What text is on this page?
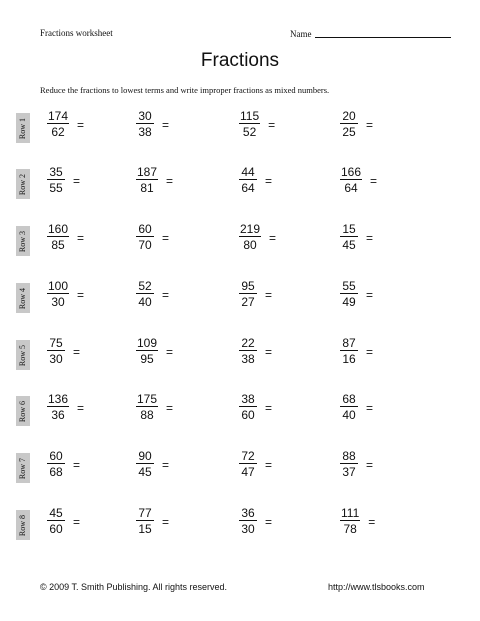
Fractions worksheet	Name
Fractions
Reduce the fractions to lowest terms and write improper fractions as mixed numbers.
Row $1 \frac{174}{62}$ =	$\frac{30}{38}$ =	$\frac{115}{52}$ =	$\frac{20}{25}$ =
Row $2 \frac{35}{55}$ =	$\frac{187}{81}$ =	$\frac{44}{64}$ =	$\frac{166}{64}$ =
Row $3 \frac{160}{85}$ =	$\frac{60}{70}$ =	$\frac{219}{80}$ =	$\frac{15}{45}$ =
Row $4 \frac{100}{30}$ =	$\frac{52}{40}$ =	$\frac{95}{27}$ =	$\frac{55}{49}$ =
Row $5 \frac{75}{30}$ =	$\frac{109}{95}$ =	$\frac{22}{38}$ =	$\frac{87}{16}$ =
Row $6 \frac{136}{36}$ =	$\frac{175}{88}$ =	$\frac{38}{60}$ =	$\frac{68}{40}$ =
Row $7 \frac{60}{68}$ =	$\frac{90}{45}$ =	$\frac{72}{47}$ =	$\frac{88}{37}$ =
Row $8 \frac{45}{60}$ =	$\frac{77}{15}$ =	$\frac{36}{30}$ =	$\frac{111}{78}$ =
© 2009 T. Smith Publishing. All rights reserved.	http://www.tlsbooks.com
